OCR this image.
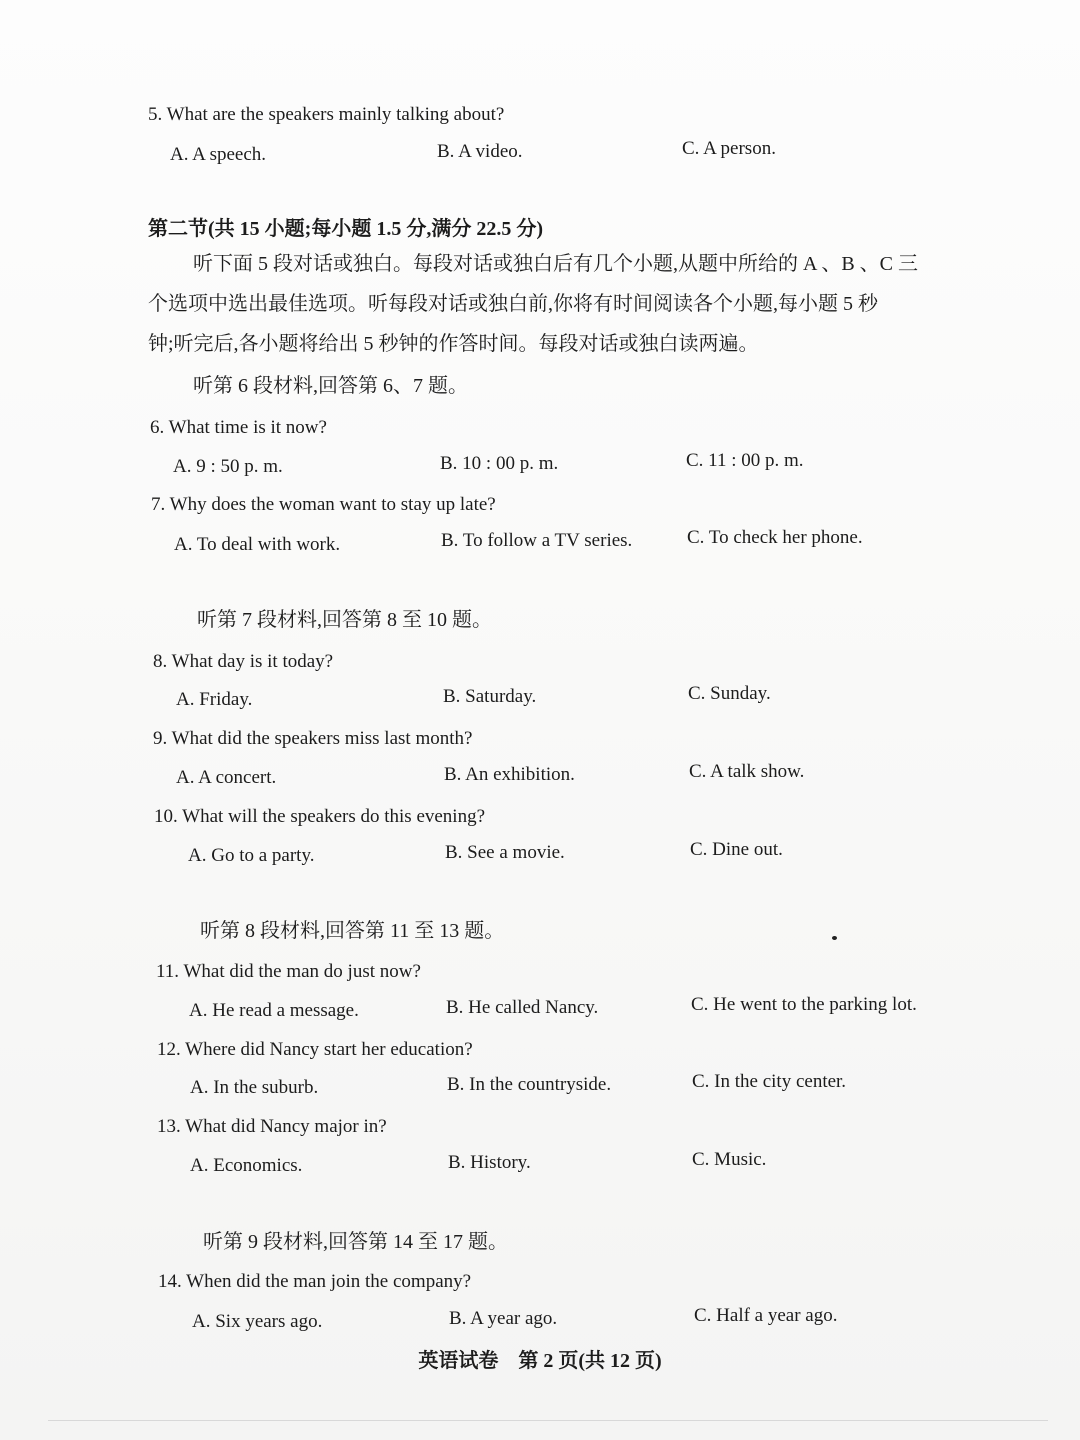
5. What are the speakers mainly talking about?
A. A speech.	B. A video.	C. A person.
第二节(共 15 小题;每小题 1.5 分,满分 22.5 分)
听下面 5 段对话或独白。每段对话或独白后有几个小题,从题中所给的 A 、B 、C 三
个选项中选出最佳选项。听每段对话或独白前,你将有时间阅读各个小题,每小题 5 秒
钟;听完后,各小题将给出 5 秒钟的作答时间。每段对话或独白读两遍。
听第 6 段材料,回答第 6、7 题。
6. What time is it now?
A. 9 : 50 p. m.	B. 10 : 00 p. m.	C. 11 : 00 p. m.
7. Why does the woman want to stay up late?
A. To deal with work.	B. To follow a TV series.	C. To check her phone.
听第 7 段材料,回答第 8 至 10 题。
8. What day is it today?
A. Friday.	B. Saturday.	C. Sunday.
9. What did the speakers miss last month?
A. A concert.	B. An exhibition.	C. A talk show.
10. What will the speakers do this evening?
A. Go to a party.	B. See a movie.	C. Dine out.
听第 8 段材料,回答第 11 至 13 题。
11. What did the man do just now?
A. He read a message.	B. He called Nancy.	C. He went to the parking lot.
12. Where did Nancy start her education?
A. In the suburb.	B. In the countryside.	C. In the city center.
13. What did Nancy major in?
A. Economics.	B. History.	C. Music.
听第 9 段材料,回答第 14 至 17 题。
14. When did the man join the company?
A. Six years ago.	B. A year ago.	C. Half a year ago.
英语试卷　第 2 页(共 12 页)
